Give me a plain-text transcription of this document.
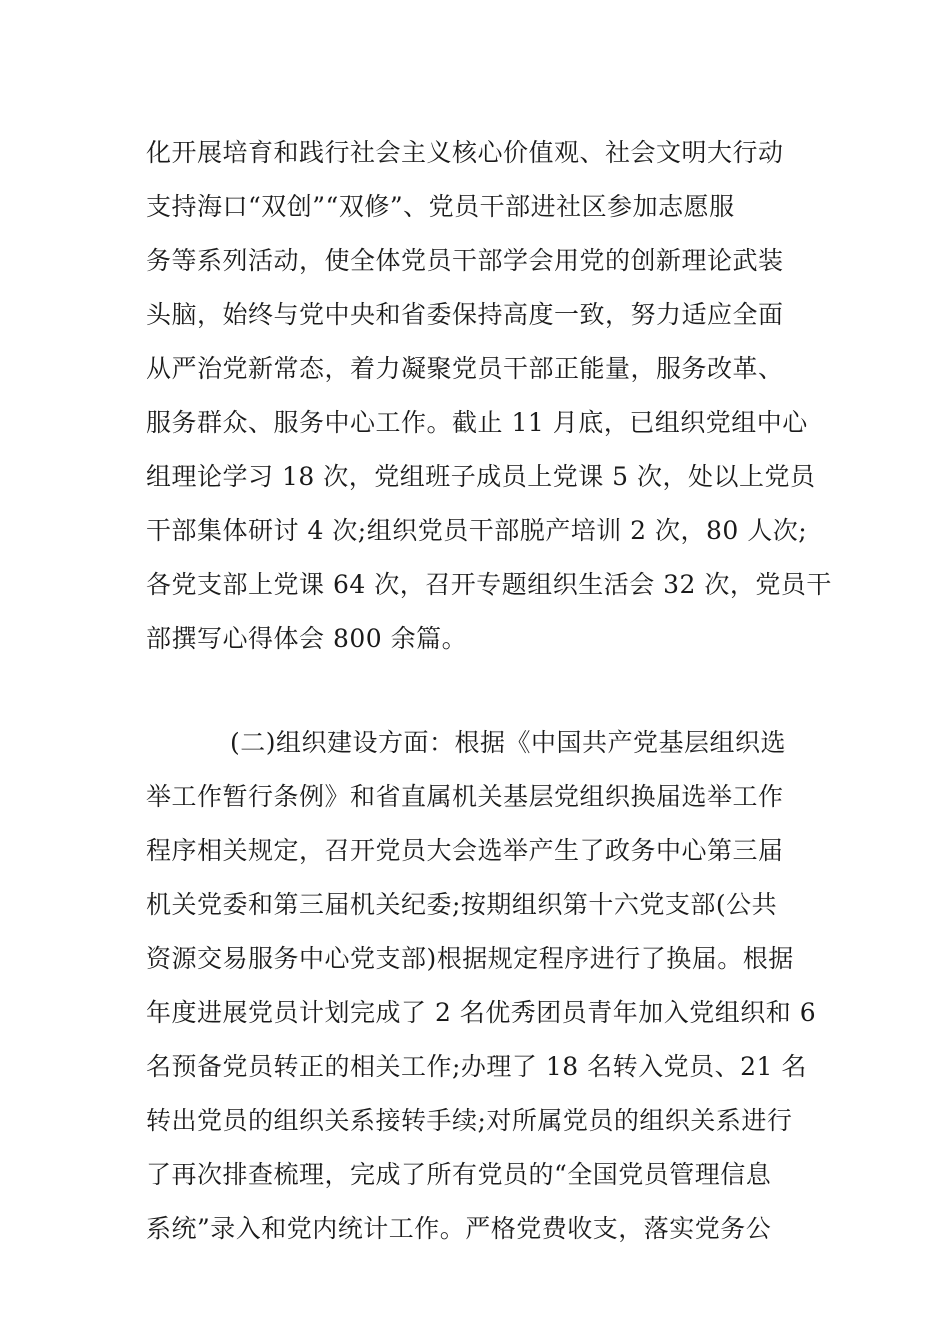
化开展培育和践行社会主义核心价值观、社会文明大行动
支持海口“双创”“双修”、党员干部进社区参加志愿服
务等系列活动，使全体党员干部学会用党的创新理论武装
头脑，始终与党中央和省委保持高度一致，努力适应全面
从严治党新常态，着力凝聚党员干部正能量，服务改革、
服务群众、服务中心工作。截止 11 月底，已组织党组中心
组理论学习 18 次，党组班子成员上党课 5 次，处以上党员
干部集体研讨 4 次;组织党员干部脱产培训 2 次，80 人次;
各党支部上党课 64 次，召开专题组织生活会 32 次，党员干
部撰写心得体会 800 余篇。
(二)组织建设方面：根据《中国共产党基层组织选
举工作暂行条例》和省直属机关基层党组织换届选举工作
程序相关规定，召开党员大会选举产生了政务中心第三届
机关党委和第三届机关纪委;按期组织第十六党支部(公共
资源交易服务中心党支部)根据规定程序进行了换届。根据
年度进展党员计划完成了 2 名优秀团员青年加入党组织和 6
名预备党员转正的相关工作;办理了 18 名转入党员、21 名
转出党员的组织关系接转手续;对所属党员的组织关系进行
了再次排查梳理，完成了所有党员的“全国党员管理信息
系统”录入和党内统计工作。严格党费收支，落实党务公
